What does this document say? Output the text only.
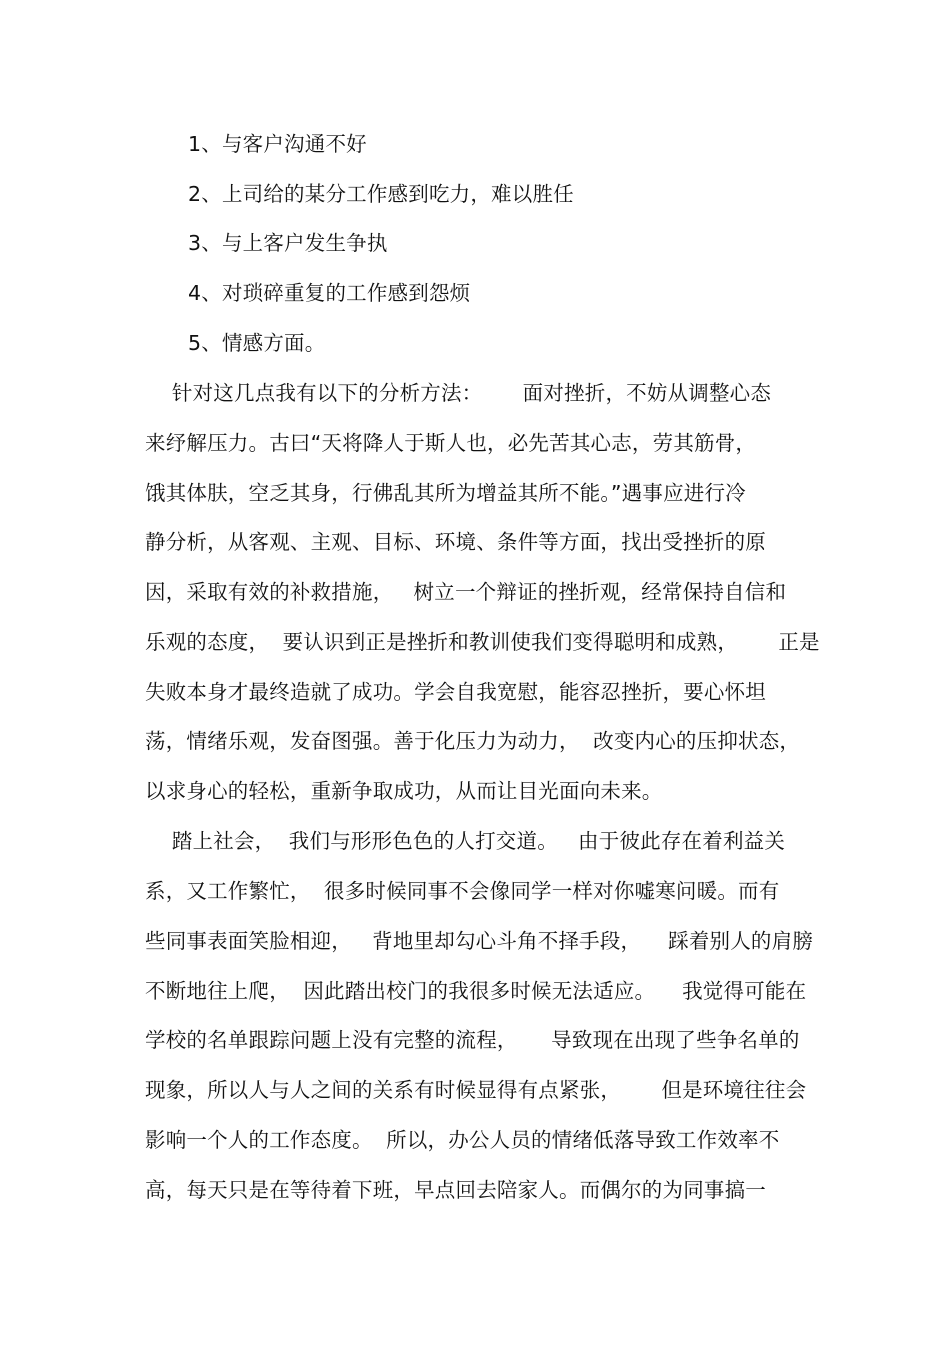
1、与客户沟通不好
2、上司给的某分工作感到吃力，难以胜任
3、与上客户发生争执
4、对琐碎重复的工作感到怨烦
5、情感方面。
针对这几点我有以下的分析方法：      面对挫折，不妨从调整心态
来纾解压力。古曰“天将降人于斯人也，必先苦其心志，劳其筋骨，
饿其体肤，空乏其身，行佛乱其所为增益其所不能。”遇事应进行冷
静分析，从客观、主观、目标、环境、条件等方面，找出受挫折的原
因，采取有效的补救措施，   树立一个辩证的挫折观，经常保持自信和
乐观的态度，  要认识到正是挫折和教训使我们变得聪明和成熟，      正是
失败本身才最终造就了成功。学会自我宽慰，能容忍挫折，要心怀坦
荡，情绪乐观，发奋图强。善于化压力为动力，  改变内心的压抑状态，
以求身心的轻松，重新争取成功，从而让目光面向未来。
踏上社会，  我们与形形色色的人打交道。   由于彼此存在着利益关
系，又工作繁忙，  很多时候同事不会像同学一样对你嘘寒问暖。而有
些同事表面笑脸相迎，   背地里却勾心斗角不择手段，    踩着别人的肩膀
不断地往上爬，  因此踏出校门的我很多时候无法适应。    我觉得可能在
学校的名单跟踪问题上没有完整的流程，     导致现在出现了些争名单的
现象，所以人与人之间的关系有时候显得有点紧张，      但是环境往往会
影响一个人的工作态度。  所以，办公人员的情绪低落导致工作效率不
高，每天只是在等待着下班，早点回去陪家人。而偶尔的为同事搞一
